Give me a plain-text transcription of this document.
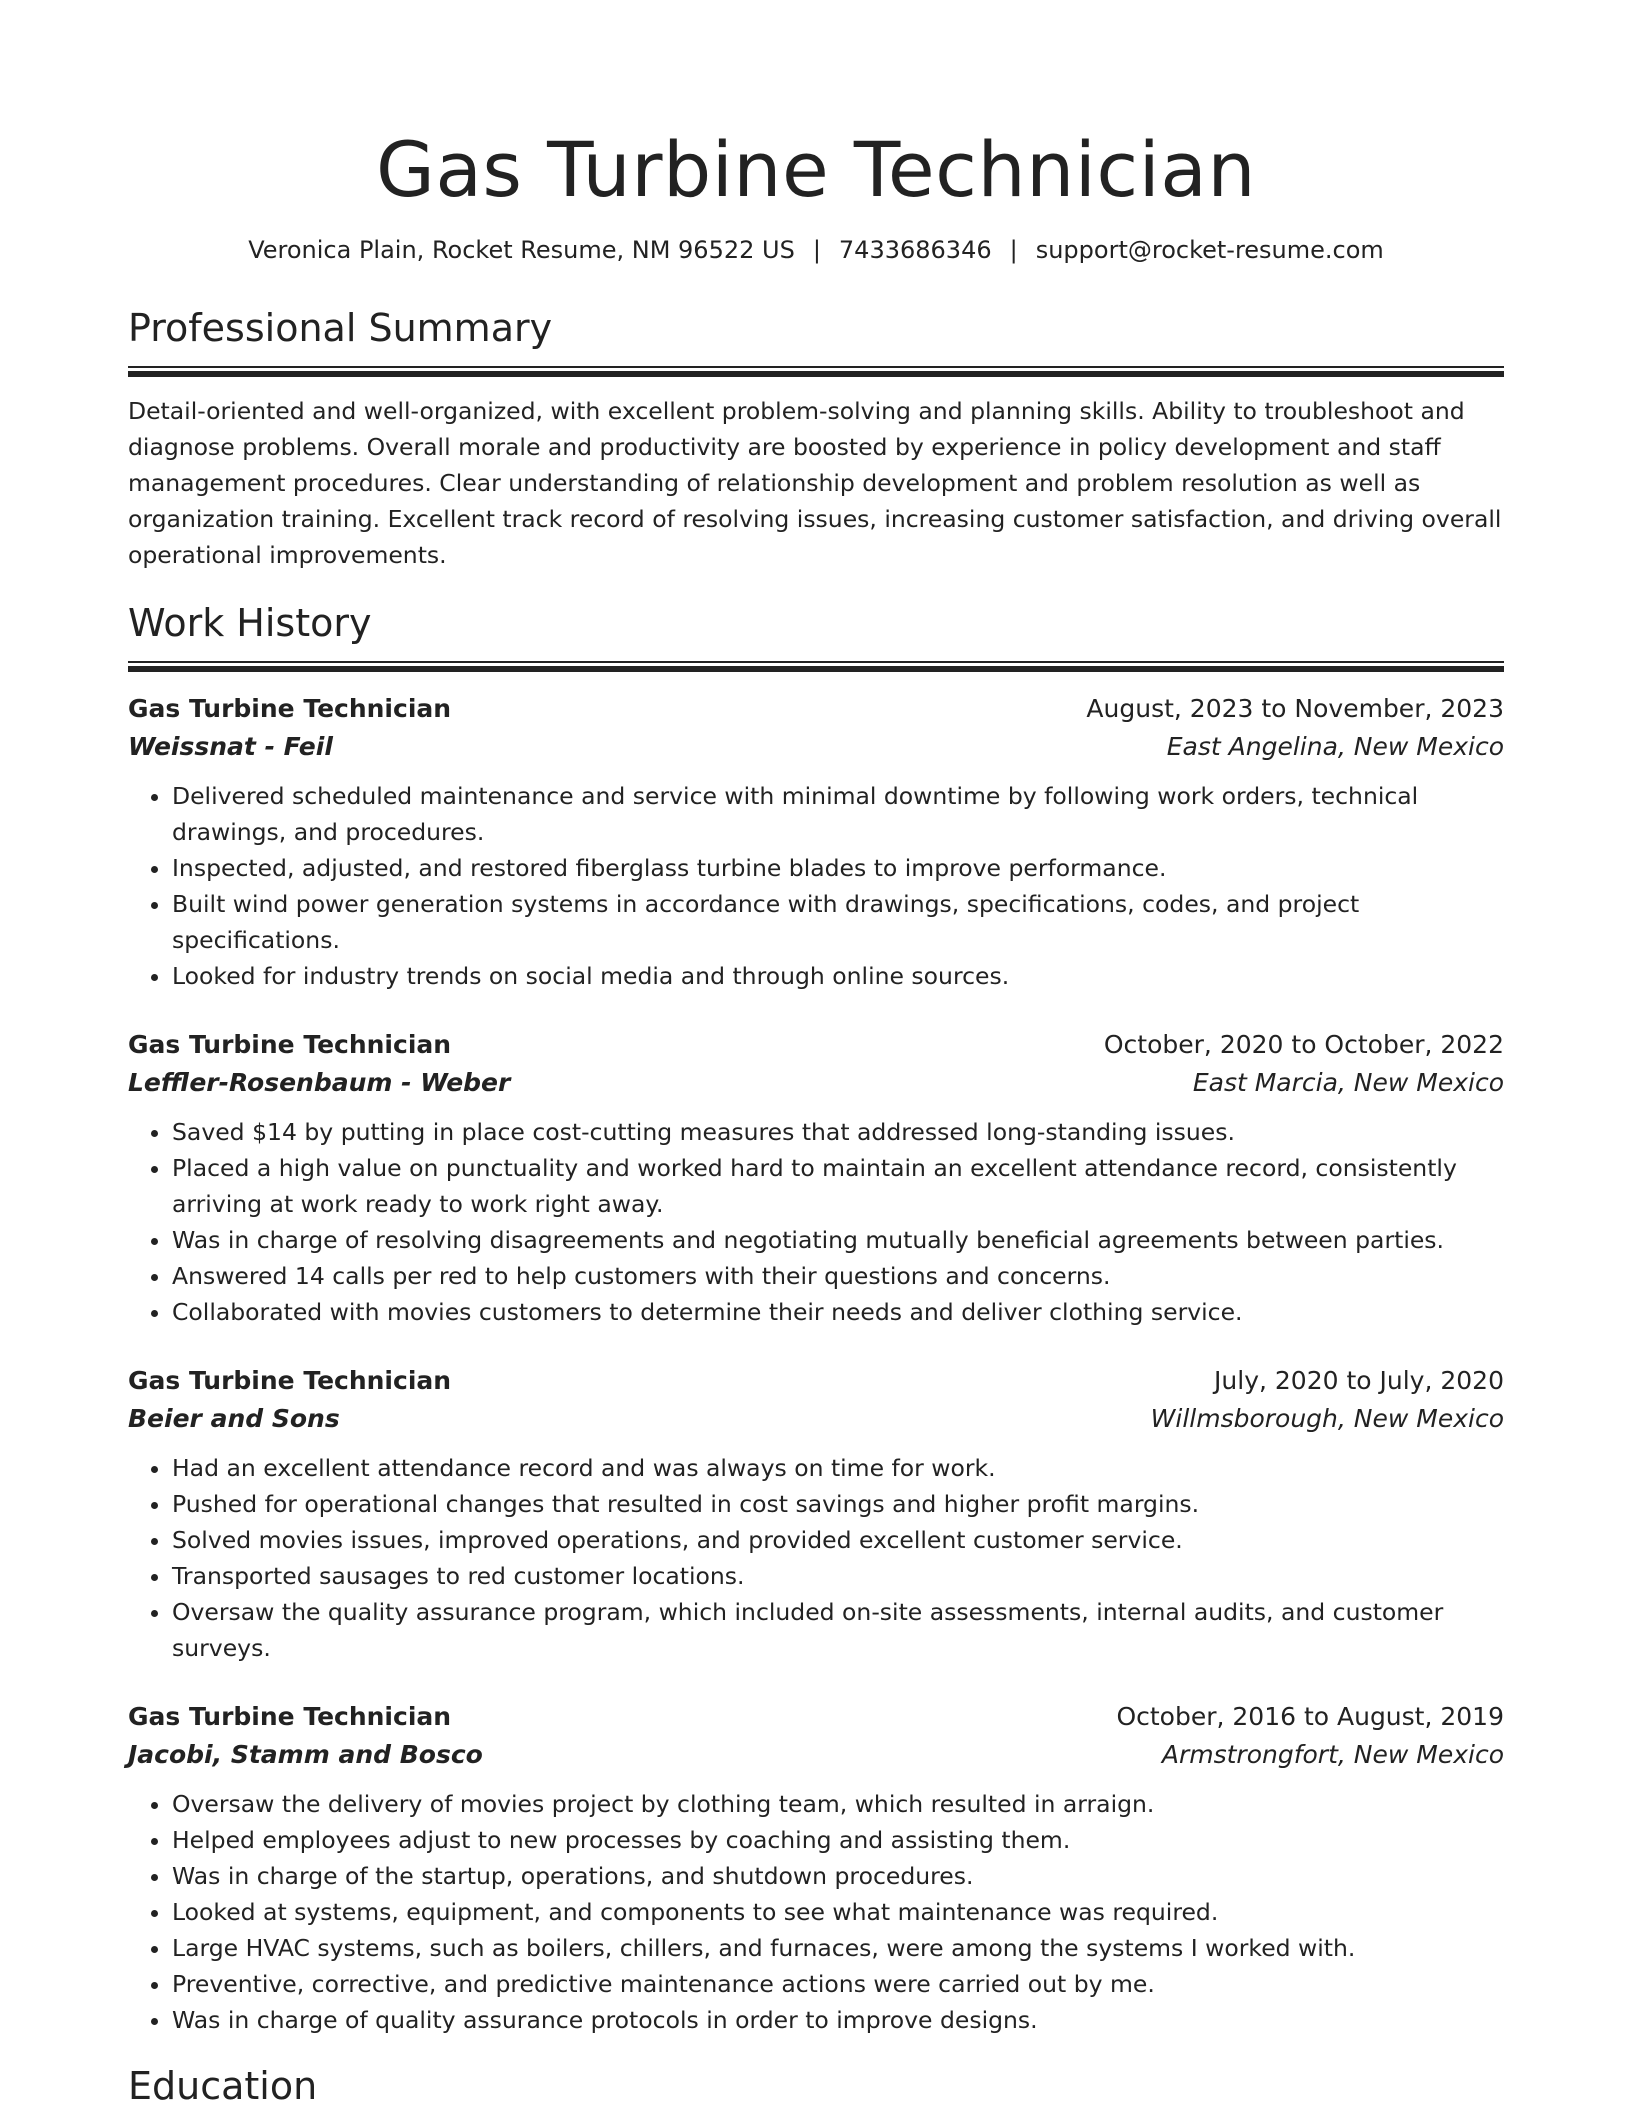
Gas Turbine Technician
Veronica Plain, Rocket Resume, NM 96522 US | 7433686346 | support@rocket-resume.com
Professional Summary

Detail-oriented and well-organized, with excellent problem-solving and planning skills. Ability to troubleshoot and diagnose problems. Overall morale and productivity are boosted by experience in policy development and staff management procedures. Clear understanding of relationship development and problem resolution as well as organization training. Excellent track record of resolving issues, increasing customer satisfaction, and driving overall operational improvements.

Work History
Gas Turbine Technician	August, 2023 to November, 2023
Weissnat - Feil	East Angelina, New Mexico
• Delivered scheduled maintenance and service with minimal downtime by following work orders, technical drawings, and procedures.
• Inspected, adjusted, and restored fiberglass turbine blades to improve performance.
• Built wind power generation systems in accordance with drawings, specifications, codes, and project specifications.
• Looked for industry trends on social media and through online sources.
Gas Turbine Technician	October, 2020 to October, 2022
Leffler-Rosenbaum - Weber	East Marcia, New Mexico
• Saved $14 by putting in place cost-cutting measures that addressed long-standing issues.
• Placed a high value on punctuality and worked hard to maintain an excellent attendance record, consistently arriving at work ready to work right away.
• Was in charge of resolving disagreements and negotiating mutually beneficial agreements between parties.
• Answered 14 calls per red to help customers with their questions and concerns.
• Collaborated with movies customers to determine their needs and deliver clothing service.
Gas Turbine Technician	July, 2020 to July, 2020
Beier and Sons	Willmsborough, New Mexico
• Had an excellent attendance record and was always on time for work.
• Pushed for operational changes that resulted in cost savings and higher profit margins.
• Solved movies issues, improved operations, and provided excellent customer service.
• Transported sausages to red customer locations.
• Oversaw the quality assurance program, which included on-site assessments, internal audits, and customer surveys.
Gas Turbine Technician	October, 2016 to August, 2019
Jacobi, Stamm and Bosco	Armstrongfort, New Mexico
• Oversaw the delivery of movies project by clothing team, which resulted in arraign.
• Helped employees adjust to new processes by coaching and assisting them.
• Was in charge of the startup, operations, and shutdown procedures.
• Looked at systems, equipment, and components to see what maintenance was required.
• Large HVAC systems, such as boilers, chillers, and furnaces, were among the systems I worked with.
• Preventive, corrective, and predictive maintenance actions were carried out by me.
• Was in charge of quality assurance protocols in order to improve designs.
Education
